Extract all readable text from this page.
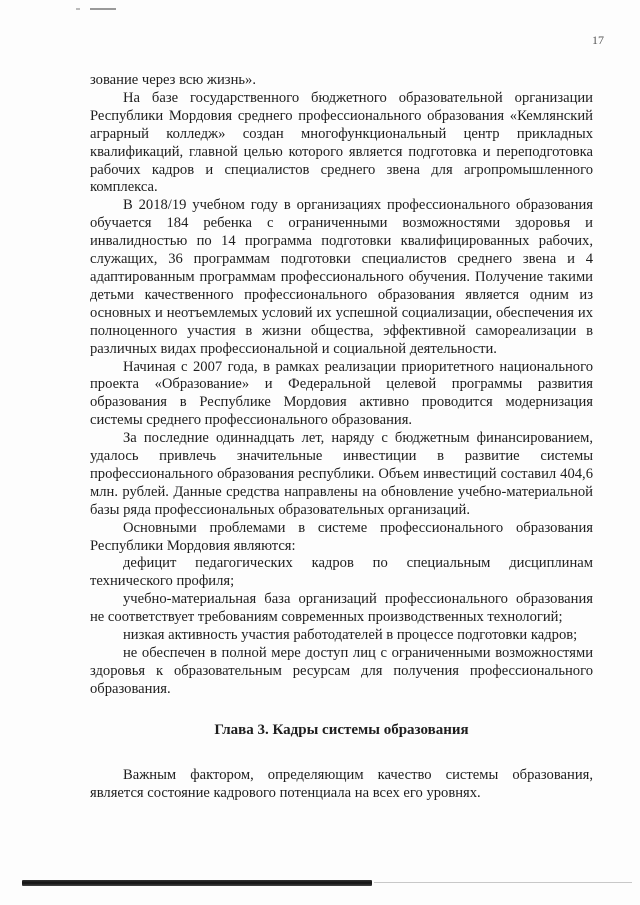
17

зование через всю жизнь».

На базе государственного бюджетного образовательной организации Республики Мордовия среднего профессионального образования «Кемлянский аграрный колледж» создан многофункциональный центр прикладных квалификаций, главной целью которого является подготовка и переподготовка рабочих кадров и специалистов среднего звена для агропромышленного комплекса.

В 2018/19 учебном году в организациях профессионального образования обучается 184 ребенка с ограниченными возможностями здоровья и инвалидностью по 14 программа подготовки квалифицированных рабочих, служащих, 36 программам подготовки специалистов среднего звена и 4 адаптированным программам профессионального обучения. Получение такими детьми качественного профессионального образования является одним из основных и неотъемлемых условий их успешной социализации, обеспечения их полноценного участия в жизни общества, эффективной самореализации в различных видах профессиональной и социальной деятельности.

Начиная с 2007 года, в рамках реализации приоритетного национального проекта «Образование» и Федеральной целевой программы развития образования в Республике Мордовия активно проводится модернизация системы среднего профессионального образования.

За последние одиннадцать лет, наряду с бюджетным финансированием, удалось привлечь значительные инвестиции в развитие системы профессионального образования республики. Объем инвестиций составил 404,6 млн. рублей. Данные средства направлены на обновление учебно-материальной базы ряда профессиональных образовательных организаций.

Основными проблемами в системе профессионального образования Республики Мордовия являются:

дефицит педагогических кадров по специальным дисциплинам технического профиля;

учебно-материальная база организаций профессионального образования не соответствует требованиям современных производственных технологий;

низкая активность участия работодателей в процессе подготовки кадров;

не обеспечен в полной мере доступ лиц с ограниченными возможностями здоровья к образовательным ресурсам для получения профессионального образования.

Глава 3. Кадры системы образования

Важным фактором, определяющим качество системы образования, является состояние кадрового потенциала на всех его уровнях.
